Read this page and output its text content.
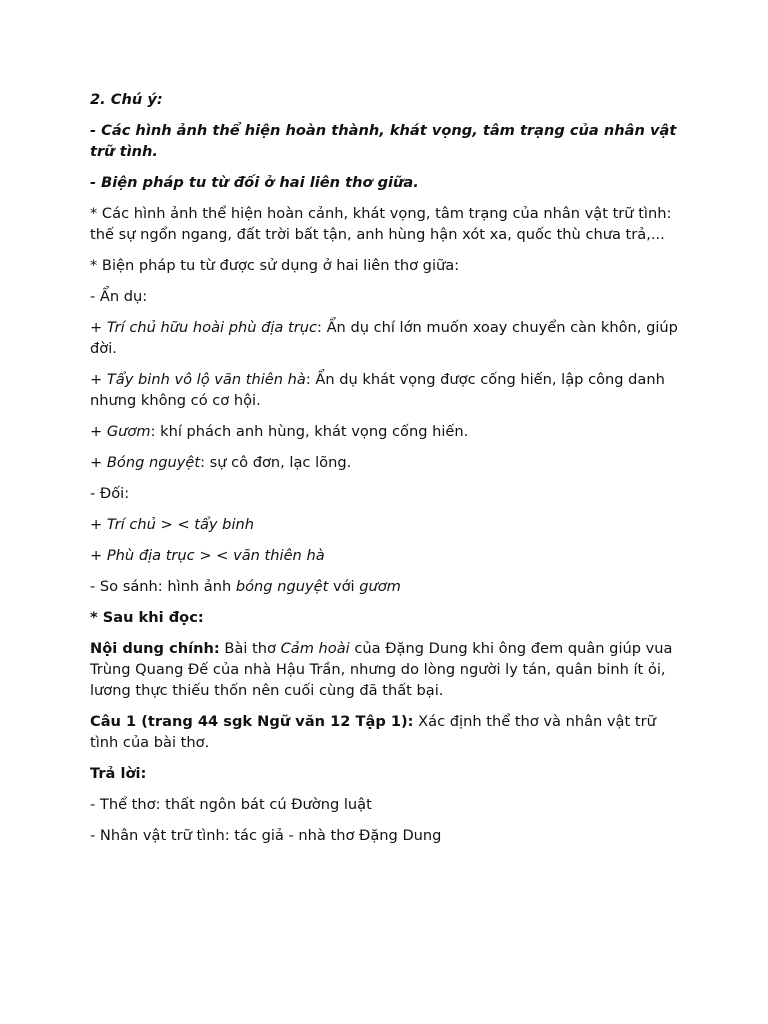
2. Chú ý:

- Các hình ảnh thể hiện hoàn thành, khát vọng, tâm trạng của nhân vật trữ tình.

- Biện pháp tu từ đối ở hai liên thơ giữa.

* Các hình ảnh thể hiện hoàn cảnh, khát vọng, tâm trạng của nhân vật trữ tình: thế sự ngổn ngang, đất trời bất tận, anh hùng hận xót xa, quốc thù chưa trả,...

* Biện pháp tu từ được sử dụng ở hai liên thơ giữa:

- Ẩn dụ:

+ Trí chủ hữu hoài phù địa trục: Ẩn dụ chí lớn muốn xoay chuyển càn khôn, giúp đời.

+ Tẩy binh vô lộ vãn thiên hà: Ẩn dụ khát vọng được cống hiến, lập công danh nhưng không có cơ hội.

+ Gươm: khí phách anh hùng, khát vọng cống hiến.

+ Bóng nguyệt: sự cô đơn, lạc lõng.

- Đối:

+ Trí chủ > < tẩy binh

+ Phù địa trục > < vãn thiên hà

- So sánh: hình ảnh bóng nguyệt với gươm

* Sau khi đọc:

Nội dung chính: Bài thơ Cảm hoài của Đặng Dung khi ông đem quân giúp vua Trùng Quang Đế của nhà Hậu Trần, nhưng do lòng người ly tán, quân binh ít ỏi, lương thực thiếu thốn nên cuối cùng đã thất bại.

Câu 1 (trang 44 sgk Ngữ văn 12 Tập 1): Xác định thể thơ và nhân vật trữ tình của bài thơ.

Trả lời:

- Thể thơ: thất ngôn bát cú Đường luật

- Nhân vật trữ tình: tác giả - nhà thơ Đặng Dung
